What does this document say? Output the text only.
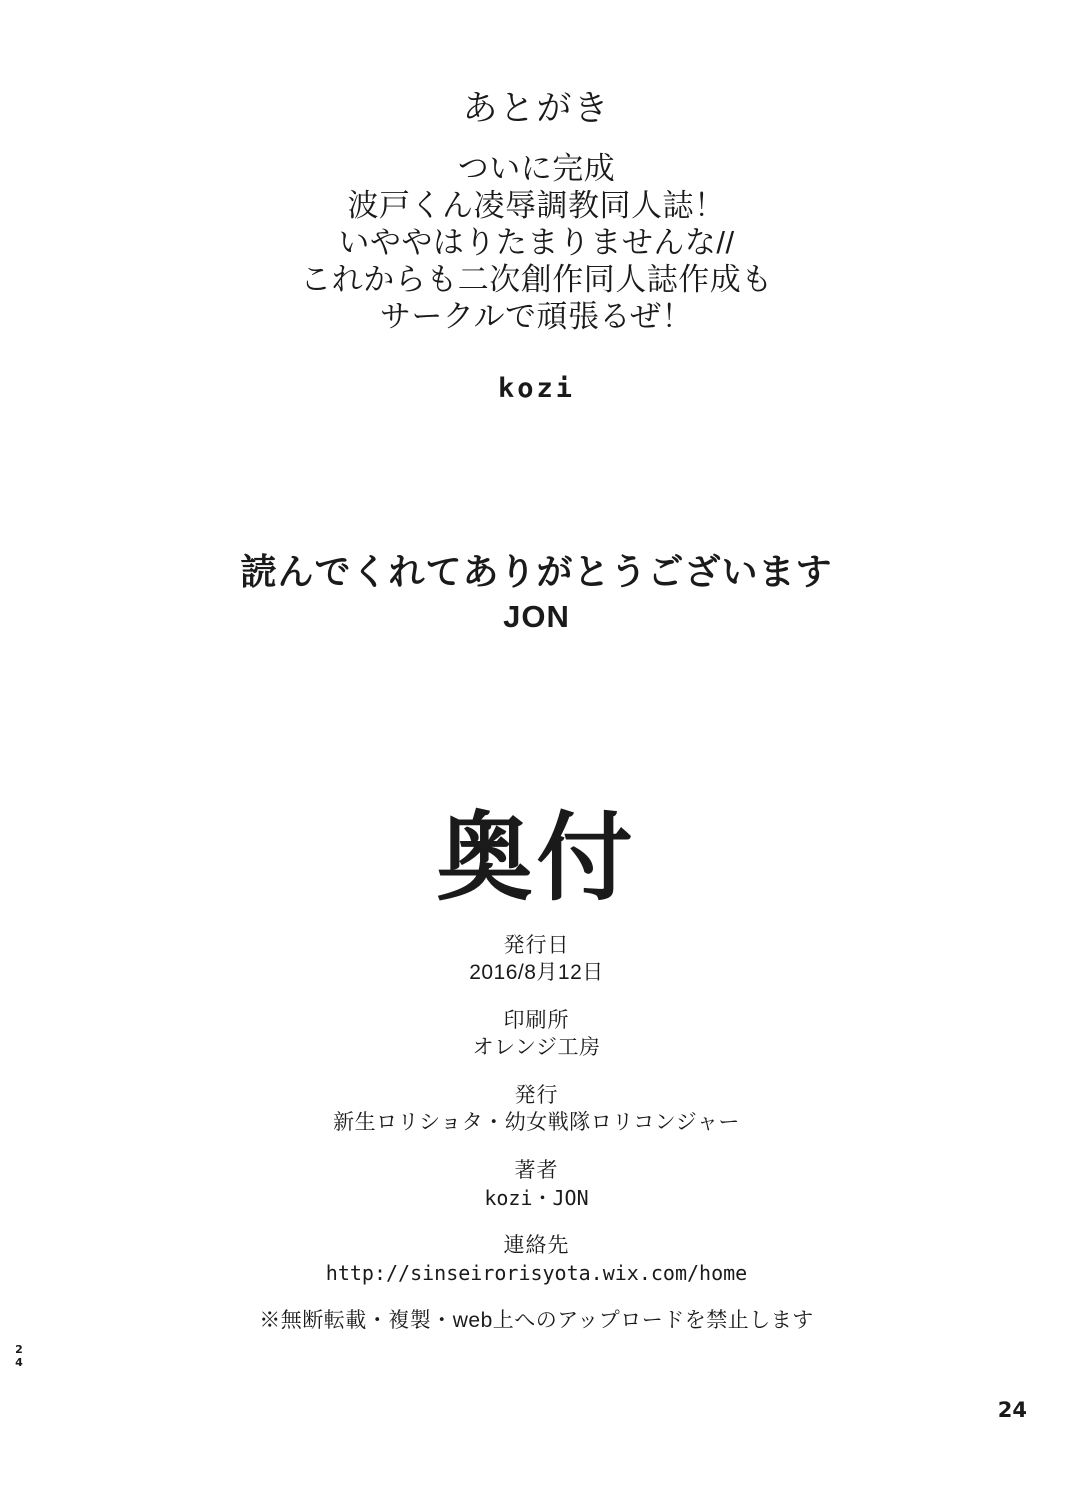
あとがき
ついに完成
波戸くん凌辱調教同人誌！
いややはりたまりませんな//
これからも二次創作同人誌作成も
サークルで頑張るぜ！
kozi
読んでくれてありがとうございます
JON
奥付
発行日
2016/8月12日
印刷所
オレンジ工房
発行
新生ロリショタ・幼女戦隊ロリコンジャー
著者
kozi・JON
連絡先
http://sinseirorisyota.wix.com/home
※無断転載・複製・web上へのアップロードを禁止します
2
4
24
